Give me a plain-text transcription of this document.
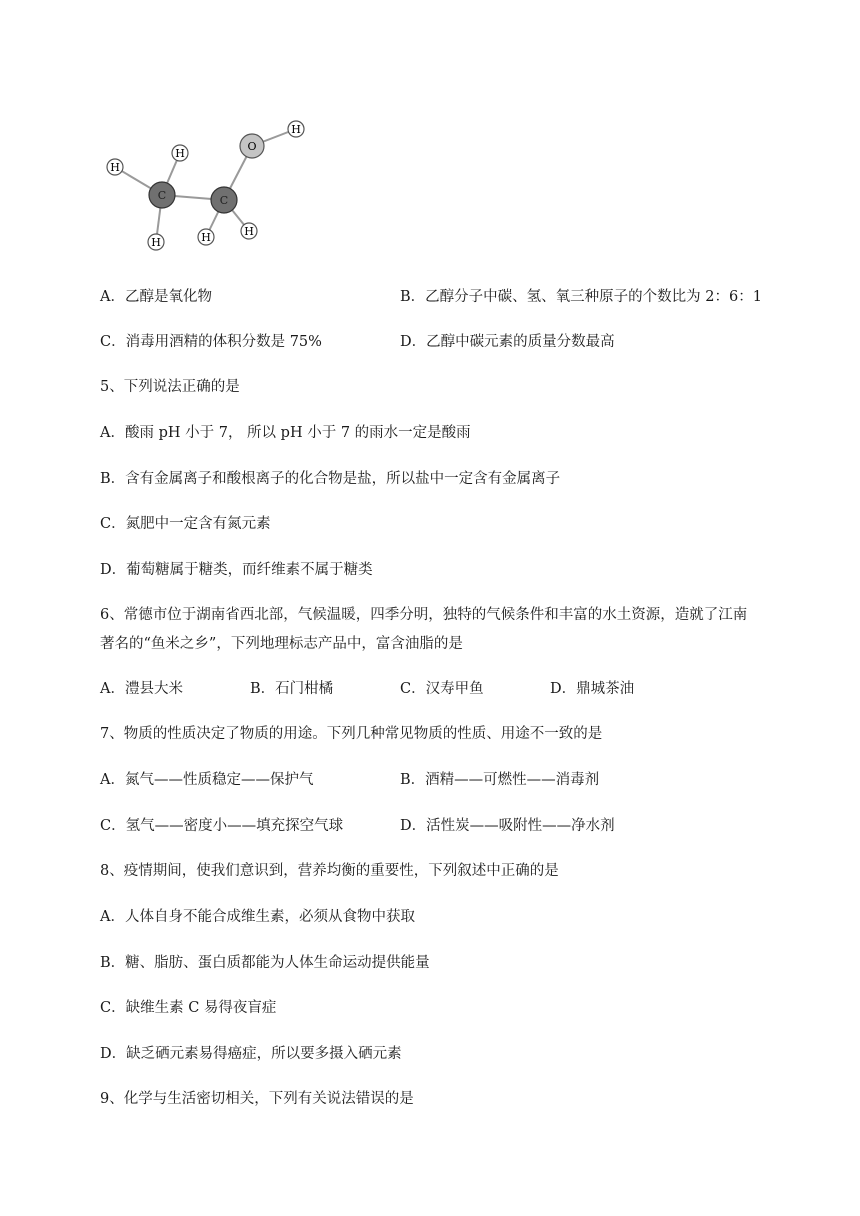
H
H
C	C
O
H
H	H	H
A．乙醇是氧化物	B．乙醇分子中碳、氢、氧三种原子的个数比为 2：6：1
C．消毒用酒精的体积分数是 75%	D．乙醇中碳元素的质量分数最高
5、下列说法正确的是
A．酸雨 pH 小于 7， 所以 pH 小于 7 的雨水一定是酸雨
B．含有金属离子和酸根离子的化合物是盐，所以盐中一定含有金属离子
C．氮肥中一定含有氮元素
D．葡萄糖属于糖类，而纤维素不属于糖类
6、常德市位于湖南省西北部，气候温暖，四季分明，独特的气候条件和丰富的水土资源，造就了江南
著名的“鱼米之乡”，下列地理标志产品中，富含油脂的是
A．澧县大米	B．石门柑橘	C．汉寿甲鱼	D．鼎城茶油
7、物质的性质决定了物质的用途。下列几种常见物质的性质、用途不一致的是
A．氮气——性质稳定——保护气	B．酒精——可燃性——消毒剂
C．氢气——密度小——填充探空气球	D．活性炭——吸附性——净水剂
8、疫情期间，使我们意识到，营养均衡的重要性，下列叙述中正确的是
A．人体自身不能合成维生素，必须从食物中获取
B．糖、脂肪、蛋白质都能为人体生命运动提供能量
C．缺维生素 C 易得夜盲症
D．缺乏硒元素易得癌症，所以要多摄入硒元素
9、化学与生活密切相关，下列有关说法错误的是
